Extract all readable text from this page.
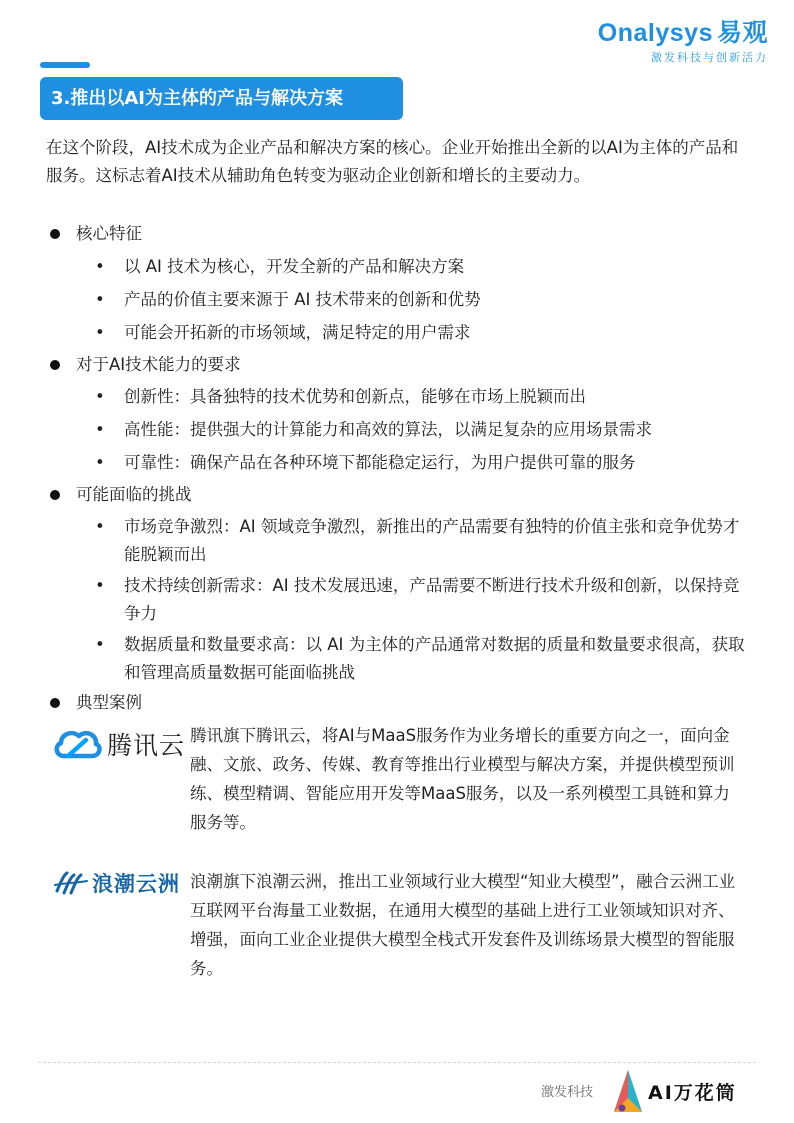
Onalysys 易观
激发科技与创新活力
3.推出以AI为主体的产品与解决方案

在这个阶段，AI技术成为企业产品和解决方案的核心。企业开始推出全新的以AI为主体的产品和服务。这标志着AI技术从辅助角色转变为驱动企业创新和增长的主要动力。

核心特征
• 以 AI 技术为核心，开发全新的产品和解决方案
• 产品的价值主要来源于 AI 技术带来的创新和优势
• 可能会开拓新的市场领域，满足特定的用户需求
对于AI技术能力的要求
• 创新性：具备独特的技术优势和创新点，能够在市场上脱颖而出
• 高性能：提供强大的计算能力和高效的算法，以满足复杂的应用场景需求
• 可靠性：确保产品在各种环境下都能稳定运行，为用户提供可靠的服务
可能面临的挑战
• 市场竞争激烈：AI 领域竞争激烈，新推出的产品需要有独特的价值主张和竞争优势才能脱颖而出
• 技术持续创新需求：AI 技术发展迅速，产品需要不断进行技术升级和创新，以保持竞争力
• 数据质量和数量要求高：以 AI 为主体的产品通常对数据的质量和数量要求很高，获取和管理高质量数据可能面临挑战
典型案例
腾讯云 腾讯旗下腾讯云，将AI与MaaS服务作为业务增长的重要方向之一，面向金融、文旅、政务、传媒、教育等推出行业模型与解决方案，并提供模型预训练、模型精调、智能应用开发等MaaS服务，以及一系列模型工具链和算力服务等。

浪潮云洲 浪潮旗下浪潮云洲，推出工业领域行业大模型“知业大模型”，融合云洲工业互联网平台海量工业数据，在通用大模型的基础上进行工业领域知识对齐、增强，面向工业企业提供大模型全栈式开发套件及训练场景大模型的智能服务。

激发科技	AI万花筒
